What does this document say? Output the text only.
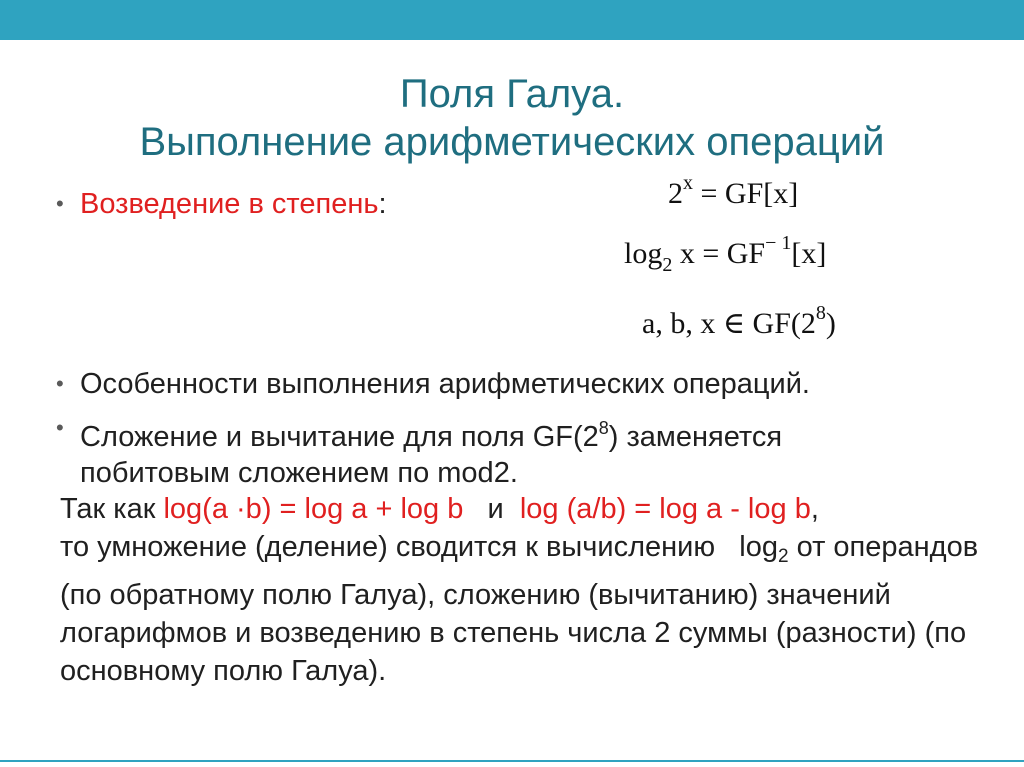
Поля Галуа.
Выполнение арифметических операций
• Возведение в степень:	$2^x = GF[x]$
$\log_2 x = GF^{- 1}[x]$
a, b, x ∈ $GF(2^8)$
• Особенности выполнения арифметических операций.
• Сложение и вычитание для поля $GF(2^8)$ заменяется
побитовым сложением по mod2.
Так как log(a ·b) = log a + log b   и  log (a/b) = log a - log b,
то умножение (деление) сводится к вычислению   $\log_2$ от операндов (по обратному полю Галуа), сложению (вычитанию) значений логарифмов и возведению в степень числа 2 суммы (разности) (по основному полю Галуа).
